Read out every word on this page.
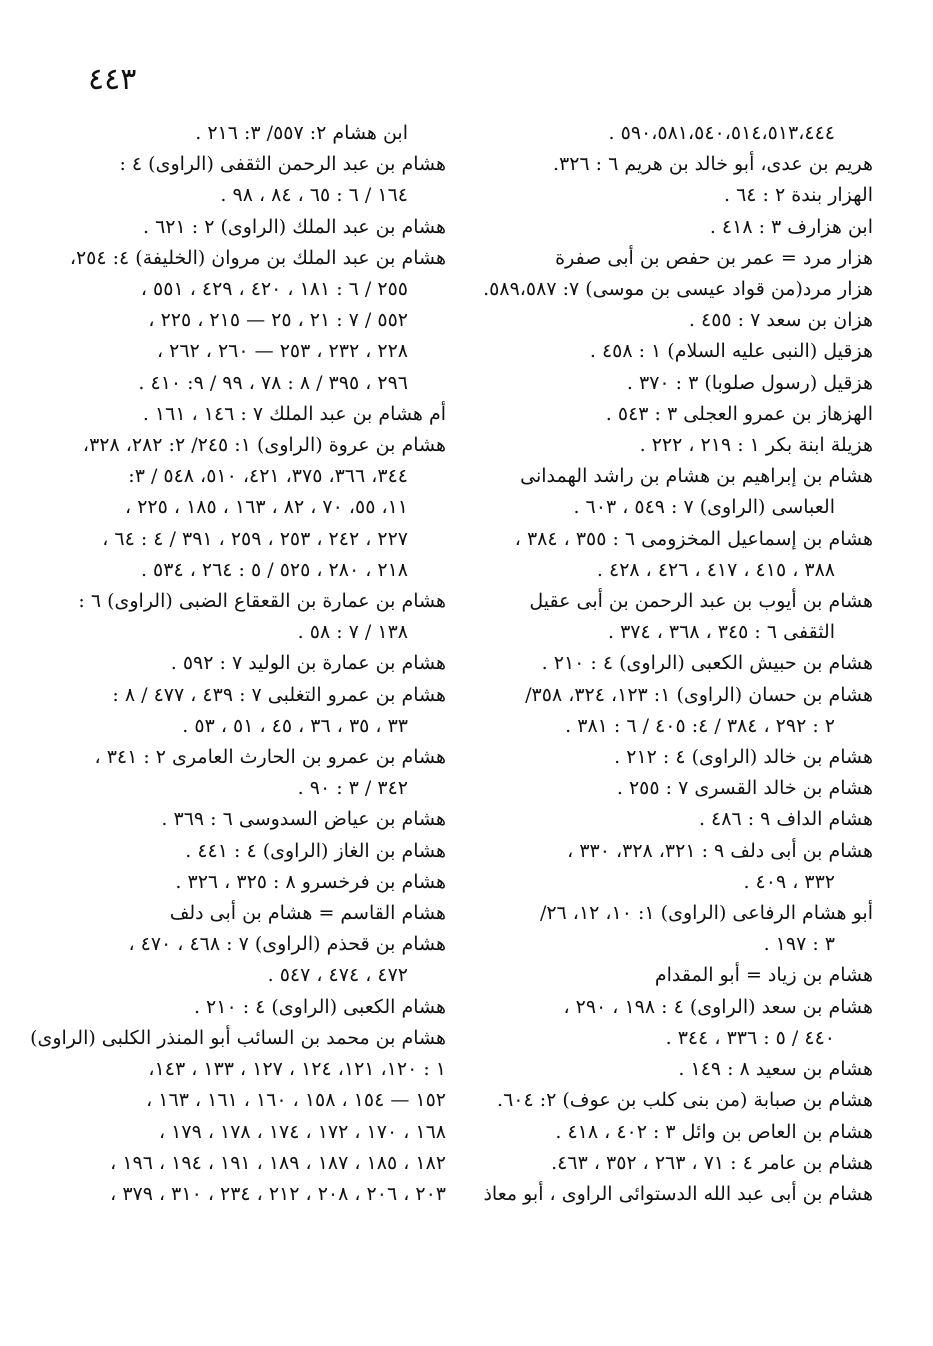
٤٤٣
٥٩٠،٥٨١،٥٤٠،٥١٤،٥١٣،٤٤٤ .
هريم بن عدى، أبو خالد بن هريم ٦ : ٣٢٦.
الهزار بندة ٢ : ٦٤ .
ابن هزارف ٣ : ٤١٨ .
هزار مرد = عمر بن حفص بن أبى صفرة
هزار مرد(من قواد عيسى بن موسى) ٧: ٥٨٩،٥٨٧.
هزان بن سعد ٧ : ٤٥٥ .
هزقيل (النبى عليه السلام) ١ : ٤٥٨ .
هزقيل (رسول صلوبا) ٣ : ٣٧٠ .
الهزهاز بن عمرو العجلى ٣ : ٥٤٣ .
هزيلة ابنة بكر ١ : ٢١٩ ، ٢٢٢ .
هشام بن إبراهيم بن هشام بن راشد الهمدانى
العباسى (الراوى) ٧ : ٥٤٩ ، ٦٠٣ .
هشام بن إسماعيل المخزومى ٦ : ٣٥٥ ، ٣٨٤ ،
٣٨٨ ، ٤١٥ ، ٤١٧ ، ٤٢٦ ، ٤٢٨ .
هشام بن أيوب بن عبد الرحمن بن أبى عقيل
الثقفى ٦ : ٣٤٥ ، ٣٦٨ ، ٣٧٤ .
هشام بن حبيش الكعبى (الراوى) ٤ : ٢١٠ .
هشام بن حسان (الراوى) ١: ١٢٣، ٣٢٤، ٣٥٨/
٢ : ٢٩٢ ، ٣٨٤ / ٤: ٤٠٥ / ٦ : ٣٨١ .
هشام بن خالد (الراوى) ٤ : ٢١٢ .
هشام بن خالد القسرى ٧ : ٢٥٥ .
هشام الداف ٩ : ٤٨٦ .
هشام بن أبى دلف ٩ : ٣٢١، ٣٢٨، ٣٣٠ ،
٣٣٢ ، ٤٠٩ .
أبو هشام الرفاعى (الراوى) ١: ١٠، ١٢، ٢٦/
٣ : ١٩٧ .
هشام بن زياد = أبو المقدام
هشام بن سعد (الراوى) ٤ : ١٩٨ ، ٢٩٠ ،
٤٤٠ / ٥ : ٣٣٦ ، ٣٤٤ .
هشام بن سعيد ٨ : ١٤٩ .
هشام بن صبابة (من بنى كلب بن عوف) ٢: ٦٠٤.
هشام بن العاص بن وائل ٣ : ٤٠٢ ، ٤١٨ .
هشام بن عامر ٤ : ٧١ ، ٢٦٣ ، ٣٥٢ ، ٤٦٣.
هشام بن أبى عبد الله الدستوائى الراوى ، أبو معاذ
ابن هشام ٢: ٥٥٧/ ٣: ٢١٦ .
هشام بن عبد الرحمن الثقفى (الراوى) ٤ :
١٦٤ / ٦ : ٦٥ ، ٨٤ ، ٩٨ .
هشام بن عبد الملك (الراوى) ٢ : ٦٢١ .
هشام بن عبد الملك بن مروان (الخليفة) ٤: ٢٥٤،
٢٥٥ / ٦ : ١٨١ ، ٤٢٠ ، ٤٢٩ ، ٥٥١ ،
٥٥٢ / ٧ : ٢١ ، ٢٥ — ٢١٥ ، ٢٢٥ ،
٢٢٨ ، ٢٣٢ ، ٢٥٣ — ٢٦٠ ، ٢٦٢ ،
٢٩٦ ، ٣٩٥ / ٨ : ٧٨ ، ٩٩ / ٩: ٤١٠ .
أم هشام بن عبد الملك ٧ : ١٤٦ ، ١٦١ .
هشام بن عروة (الراوى) ١: ٢٤٥/ ٢: ٢٨٢، ٣٢٨،
٣٤٤، ٣٦٦، ٣٧٥، ٤٢١، ٥١٠، ٥٤٨ / ٣:
١١، ٥٥، ٧٠ ، ٨٢ ، ١٦٣ ، ١٨٥ ، ٢٢٥ ،
٢٢٧ ، ٢٤٢ ، ٢٥٣ ، ٢٥٩ ، ٣٩١ / ٤ : ٦٤ ،
٢١٨ ، ٢٨٠ ، ٥٢٥ / ٥ : ٢٦٤ ، ٥٣٤ .
هشام بن عمارة بن القعقاع الضبى (الراوى) ٦ :
١٣٨ / ٧ : ٥٨ .
هشام بن عمارة بن الوليد ٧ : ٥٩٢ .
هشام بن عمرو التغلبى ٧ : ٤٣٩ ، ٤٧٧ / ٨ :
٣٣ ، ٣٥ ، ٣٦ ، ٤٥ ، ٥١ ، ٥٣ .
هشام بن عمرو بن الحارث العامرى ٢ : ٣٤١ ،
٣٤٢ / ٣ : ٩٠ .
هشام بن عياض السدوسى ٦ : ٣٦٩ .
هشام بن الغاز (الراوى) ٤ : ٤٤١ .
هشام بن فرخسرو ٨ : ٣٢٥ ، ٣٢٦ .
هشام القاسم = هشام بن أبى دلف
هشام بن قحذم (الراوى) ٧ : ٤٦٨ ، ٤٧٠ ،
٤٧٢ ، ٤٧٤ ، ٥٤٧ .
هشام الكعبى (الراوى) ٤ : ٢١٠ .
هشام بن محمد بن السائب أبو المنذر الكلبى (الراوى)
١ : ١٢٠، ١٢١، ١٢٤ ، ١٢٧ ، ١٣٣ ، ١٤٣،
١٥٢ — ١٥٤ ، ١٥٨ ، ١٦٠ ، ١٦١ ، ١٦٣ ،
١٦٨ ، ١٧٠ ، ١٧٢ ، ١٧٤ ، ١٧٨ ، ١٧٩ ،
١٨٢ ، ١٨٥ ، ١٨٧ ، ١٨٩ ، ١٩١ ، ١٩٤ ، ١٩٦ ،
٢٠٣ ، ٢٠٦ ، ٢٠٨ ، ٢١٢ ، ٢٣٤ ، ٣١٠ ، ٣٧٩ ،
